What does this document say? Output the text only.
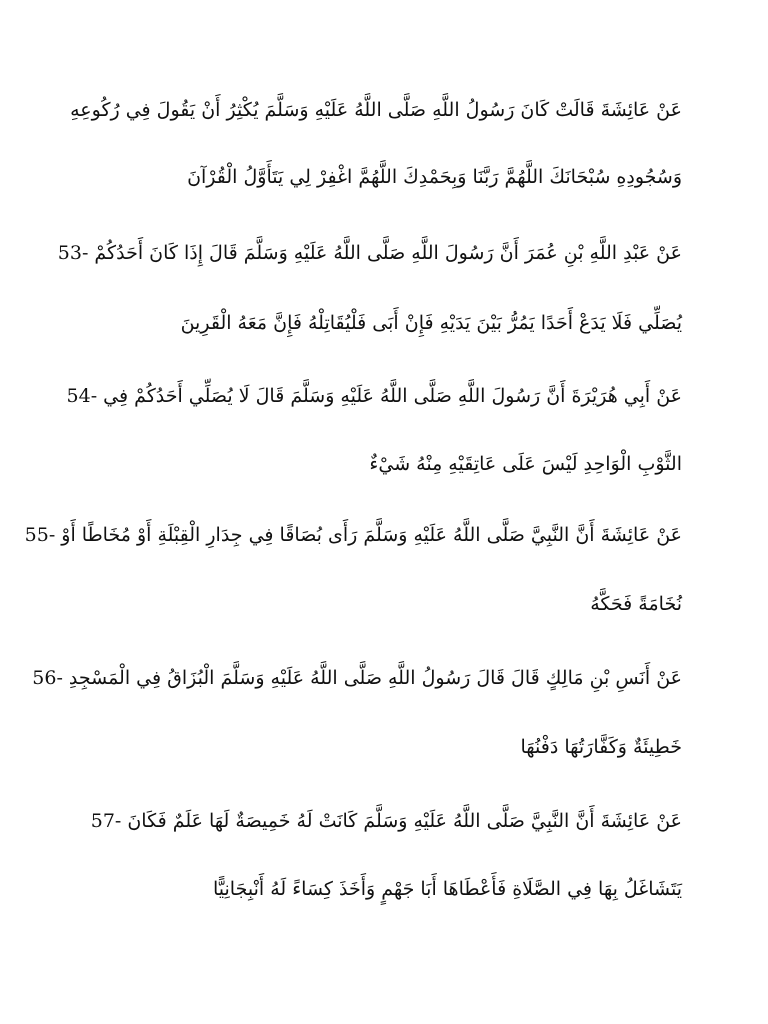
عَنْ عَائِشَةَ قَالَتْ كَانَ رَسُولُ اللَّهِ صَلَّى اللَّهُ عَلَيْهِ وَسَلَّمَ يُكْثِرُ أَنْ يَقُولَ فِي رُكُوعِهِ
وَسُجُودِهِ سُبْحَانَكَ اللَّهُمَّ رَبَّنَا وَبِحَمْدِكَ اللَّهُمَّ اغْفِرْ لِي يَتَأَوَّلُ الْقُرْآنَ
عَنْ عَبْدِ اللَّهِ بْنِ عُمَرَ أَنَّ رَسُولَ اللَّهِ صَلَّى اللَّهُ عَلَيْهِ وَسَلَّمَ قَالَ إِذَا كَانَ أَحَدُكُمْ53-
يُصَلِّي فَلَا يَدَعْ أَحَدًا يَمُرُّ بَيْنَ يَدَيْهِ فَإِنْ أَبَى فَلْيُقَاتِلْهُ فَإِنَّ مَعَهُ الْقَرِينَ
عَنْ أَبِي هُرَيْرَةَ أَنَّ رَسُولَ اللَّهِ صَلَّى اللَّهُ عَلَيْهِ وَسَلَّمَ قَالَ لَا يُصَلِّي أَحَدُكُمْ فِي54-
الثَّوْبِ الْوَاحِدِ لَيْسَ عَلَى عَاتِقَيْهِ مِنْهُ شَيْءٌ
عَنْ عَائِشَةَ أَنَّ النَّبِيَّ صَلَّى اللَّهُ عَلَيْهِ وَسَلَّمَ رَأَى بُصَاقًا فِي جِدَارِ الْقِبْلَةِ أَوْ مُخَاطًا أَوْ55-
نُخَامَةً فَحَكَّهُ
عَنْ أَنَسِ بْنِ مَالِكٍ قَالَ قَالَ رَسُولُ اللَّهِ صَلَّى اللَّهُ عَلَيْهِ وَسَلَّمَ الْبُزَاقُ فِي الْمَسْجِدِ56-
خَطِيئَةٌ وَكَفَّارَتُهَا دَفْنُهَا
عَنْ عَائِشَةَ أَنَّ النَّبِيَّ صَلَّى اللَّهُ عَلَيْهِ وَسَلَّمَ كَانَتْ لَهُ خَمِيصَةٌ لَهَا عَلَمٌ فَكَانَ57-
يَتَشَاغَلُ بِهَا فِي الصَّلَاةِ فَأَعْطَاهَا أَبَا جَهْمٍ وَأَخَذَ كِسَاءً لَهُ أَنْبِجَانِيًّا
